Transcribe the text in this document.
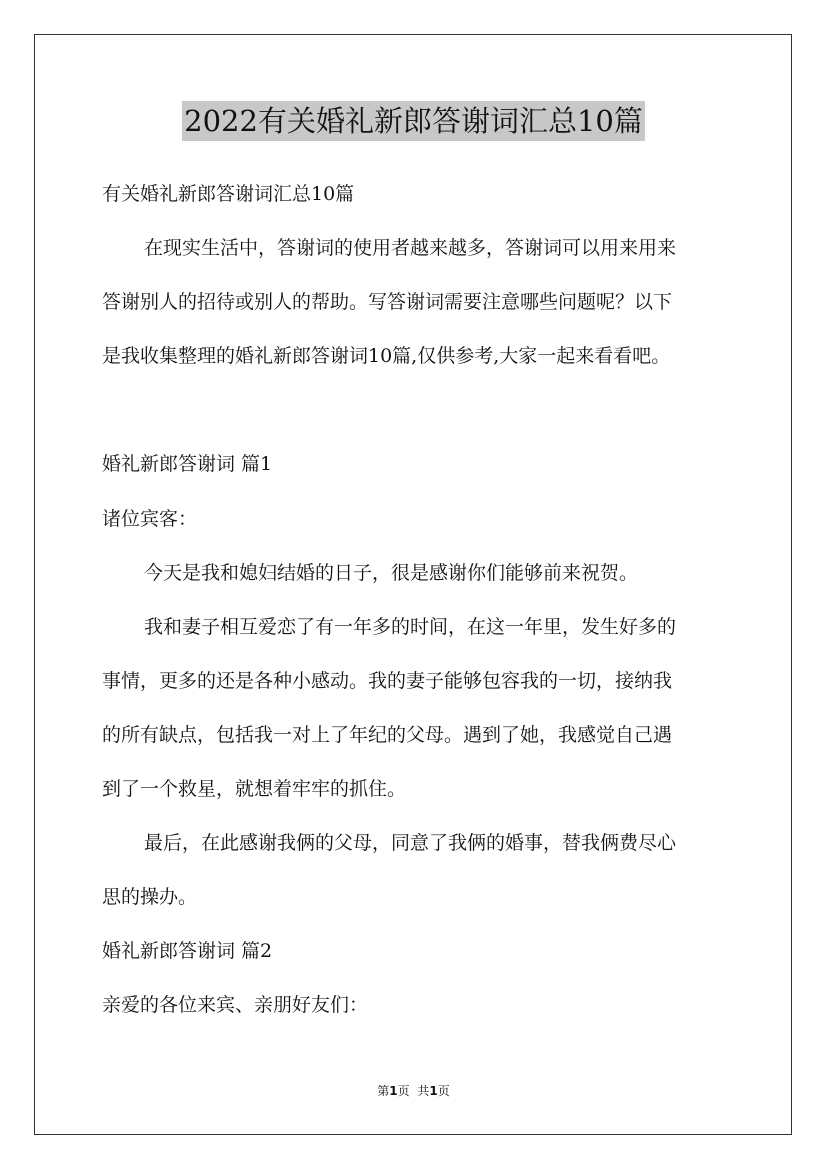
2022有关婚礼新郎答谢词汇总10篇
有关婚礼新郎答谢词汇总10篇
在现实生活中，答谢词的使用者越来越多，答谢词可以用来用来
答谢别人的招待或别人的帮助。写答谢词需要注意哪些问题呢？以下
是我收集整理的婚礼新郎答谢词10篇,仅供参考,大家一起来看看吧。
婚礼新郎答谢词 篇1
诸位宾客：
今天是我和媳妇结婚的日子，很是感谢你们能够前来祝贺。
我和妻子相互爱恋了有一年多的时间，在这一年里，发生好多的
事情，更多的还是各种小感动。我的妻子能够包容我的一切，接纳我
的所有缺点，包括我一对上了年纪的父母。遇到了她，我感觉自己遇
到了一个救星，就想着牢牢的抓住。
最后，在此感谢我俩的父母，同意了我俩的婚事，替我俩费尽心
思的操办。
婚礼新郎答谢词 篇2
亲爱的各位来宾、亲朋好友们：
第1页 共1页
